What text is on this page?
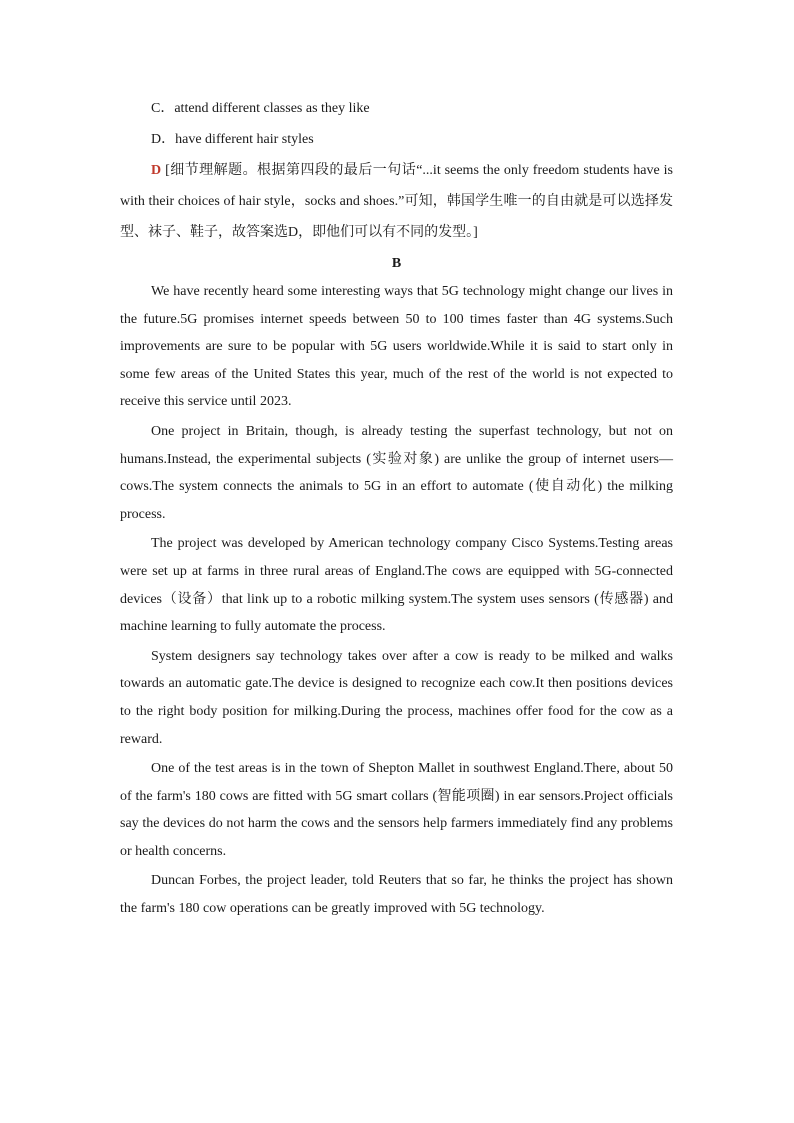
C．attend different classes as they like
D．have different hair styles
D [细节理解题。根据第四段的最后一句话“...it seems the only freedom students have is with their choices of hair style，socks and shoes.”可知，韩国学生唯一的自由就是可以选择发型、袜子、鞋子，故答案选D，即他们可以有不同的发型。]
B

We have recently heard some interesting ways that 5G technology might change our lives in the future.5G promises internet speeds between 50 to 100 times faster than 4G systems.Such improvements are sure to be popular with 5G users worldwide.While it is said to start only in some few areas of the United States this year, much of the rest of the world is not expected to receive this service until 2023.

One project in Britain, though, is already testing the superfast technology, but not on humans.Instead, the experimental subjects (实验对象) are unlike the group of internet users—cows.The system connects the animals to 5G in an effort to automate (使自动化) the milking process.

The project was developed by American technology company Cisco Systems.Testing areas were set up at farms in three rural areas of England.The cows are equipped with 5G-connected devices（设备）that link up to a robotic milking system.The system uses sensors (传感器) and machine learning to fully automate the process.

System designers say technology takes over after a cow is ready to be milked and walks towards an automatic gate.The device is designed to recognize each cow.It then positions devices to the right body position for milking.During the process, machines offer food for the cow as a reward.

One of the test areas is in the town of Shepton Mallet in southwest England.There, about 50 of the farm's 180 cows are fitted with 5G smart collars (智能项圈) in ear sensors.Project officials say the devices do not harm the cows and the sensors help farmers immediately find any problems or health concerns.

Duncan Forbes, the project leader, told Reuters that so far, he thinks the project has shown the farm's 180 cow operations can be greatly improved with 5G technology.
